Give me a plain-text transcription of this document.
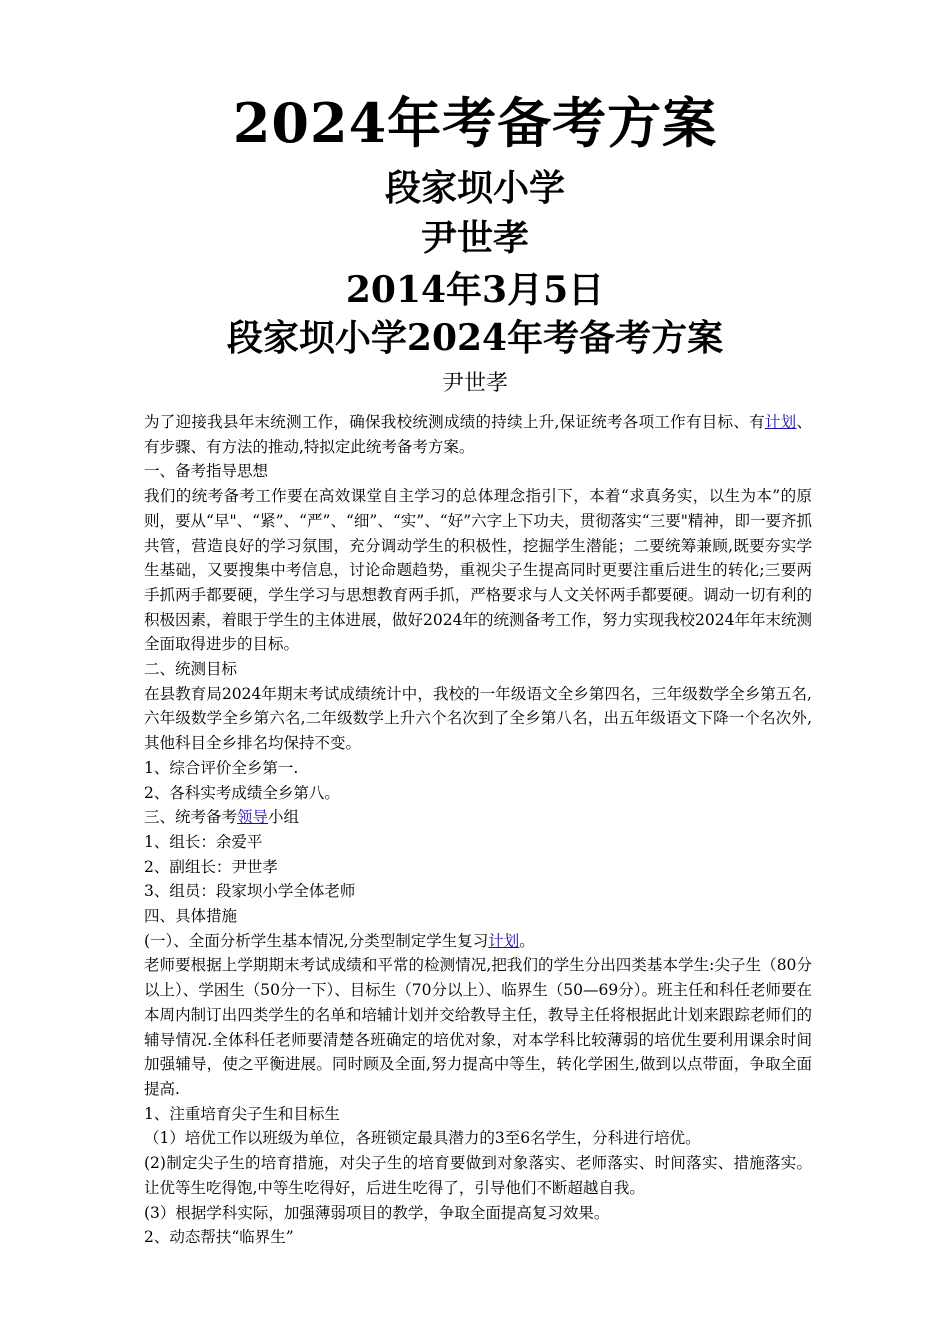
2024年考备考方案
段家坝小学
尹世孝
2014年3月5日
段家坝小学2024年考备考方案
尹世孝

为了迎接我县年末统测工作，确保我校统测成绩的持续上升,保证统考各项工作有目标、有计划、有步骤、有方法的推动,特拟定此统考备考方案。

一、备考指导思想

我们的统考备考工作要在高效课堂自主学习的总体理念指引下，本着“求真务实，以生为本”的原则，要从“早"、“紧”、“严”、“细”、“实”、“好”六字上下功夫，贯彻落实“三要"精神，即一要齐抓共管，营造良好的学习氛围，充分调动学生的积极性，挖掘学生潜能；二要统筹兼顾,既要夯实学生基础，又要搜集中考信息，讨论命题趋势，重视尖子生提高同时更要注重后进生的转化;三要两手抓两手都要硬，学生学习与思想教育两手抓，严格要求与人文关怀两手都要硬。调动一切有利的积极因素，着眼于学生的主体进展，做好2024年的统测备考工作，努力实现我校2024年年末统测全面取得进步的目标。

二、统测目标

在县教育局2024年期末考试成绩统计中，我校的一年级语文全乡第四名，三年级数学全乡第五名,六年级数学全乡第六名,二年级数学上升六个名次到了全乡第八名，出五年级语文下降一个名次外,其他科目全乡排名均保持不变。

1、综合评价全乡第一.

2、各科实考成绩全乡第八。

三、统考备考领导小组

1、组长：余爱平

2、副组长：尹世孝

3、组员：段家坝小学全体老师

四、具体措施

(一）、全面分析学生基本情况,分类型制定学生复习计划。

老师要根据上学期期末考试成绩和平常的检测情况,把我们的学生分出四类基本学生:尖子生（80分以上）、学困生（50分一下）、目标生（70分以上）、临界生（50—69分）。班主任和科任老师要在本周内制订出四类学生的名单和培辅计划并交给教导主任，教导主任将根据此计划来跟踪老师们的辅导情况.全体科任老师要清楚各班确定的培优对象，对本学科比较薄弱的培优生要利用课余时间加强辅导，使之平衡进展。同时顾及全面,努力提高中等生，转化学困生,做到以点带面，争取全面提高.

1、注重培育尖子生和目标生

（1）培优工作以班级为单位，各班锁定最具潜力的3至6名学生，分科进行培优。

(2)制定尖子生的培育措施，对尖子生的培育要做到对象落实、老师落实、时间落实、措施落实。让优等生吃得饱,中等生吃得好，后进生吃得了，引导他们不断超越自我。

(3）根据学科实际，加强薄弱项目的教学，争取全面提高复习效果。

2、动态帮扶“临界生”
